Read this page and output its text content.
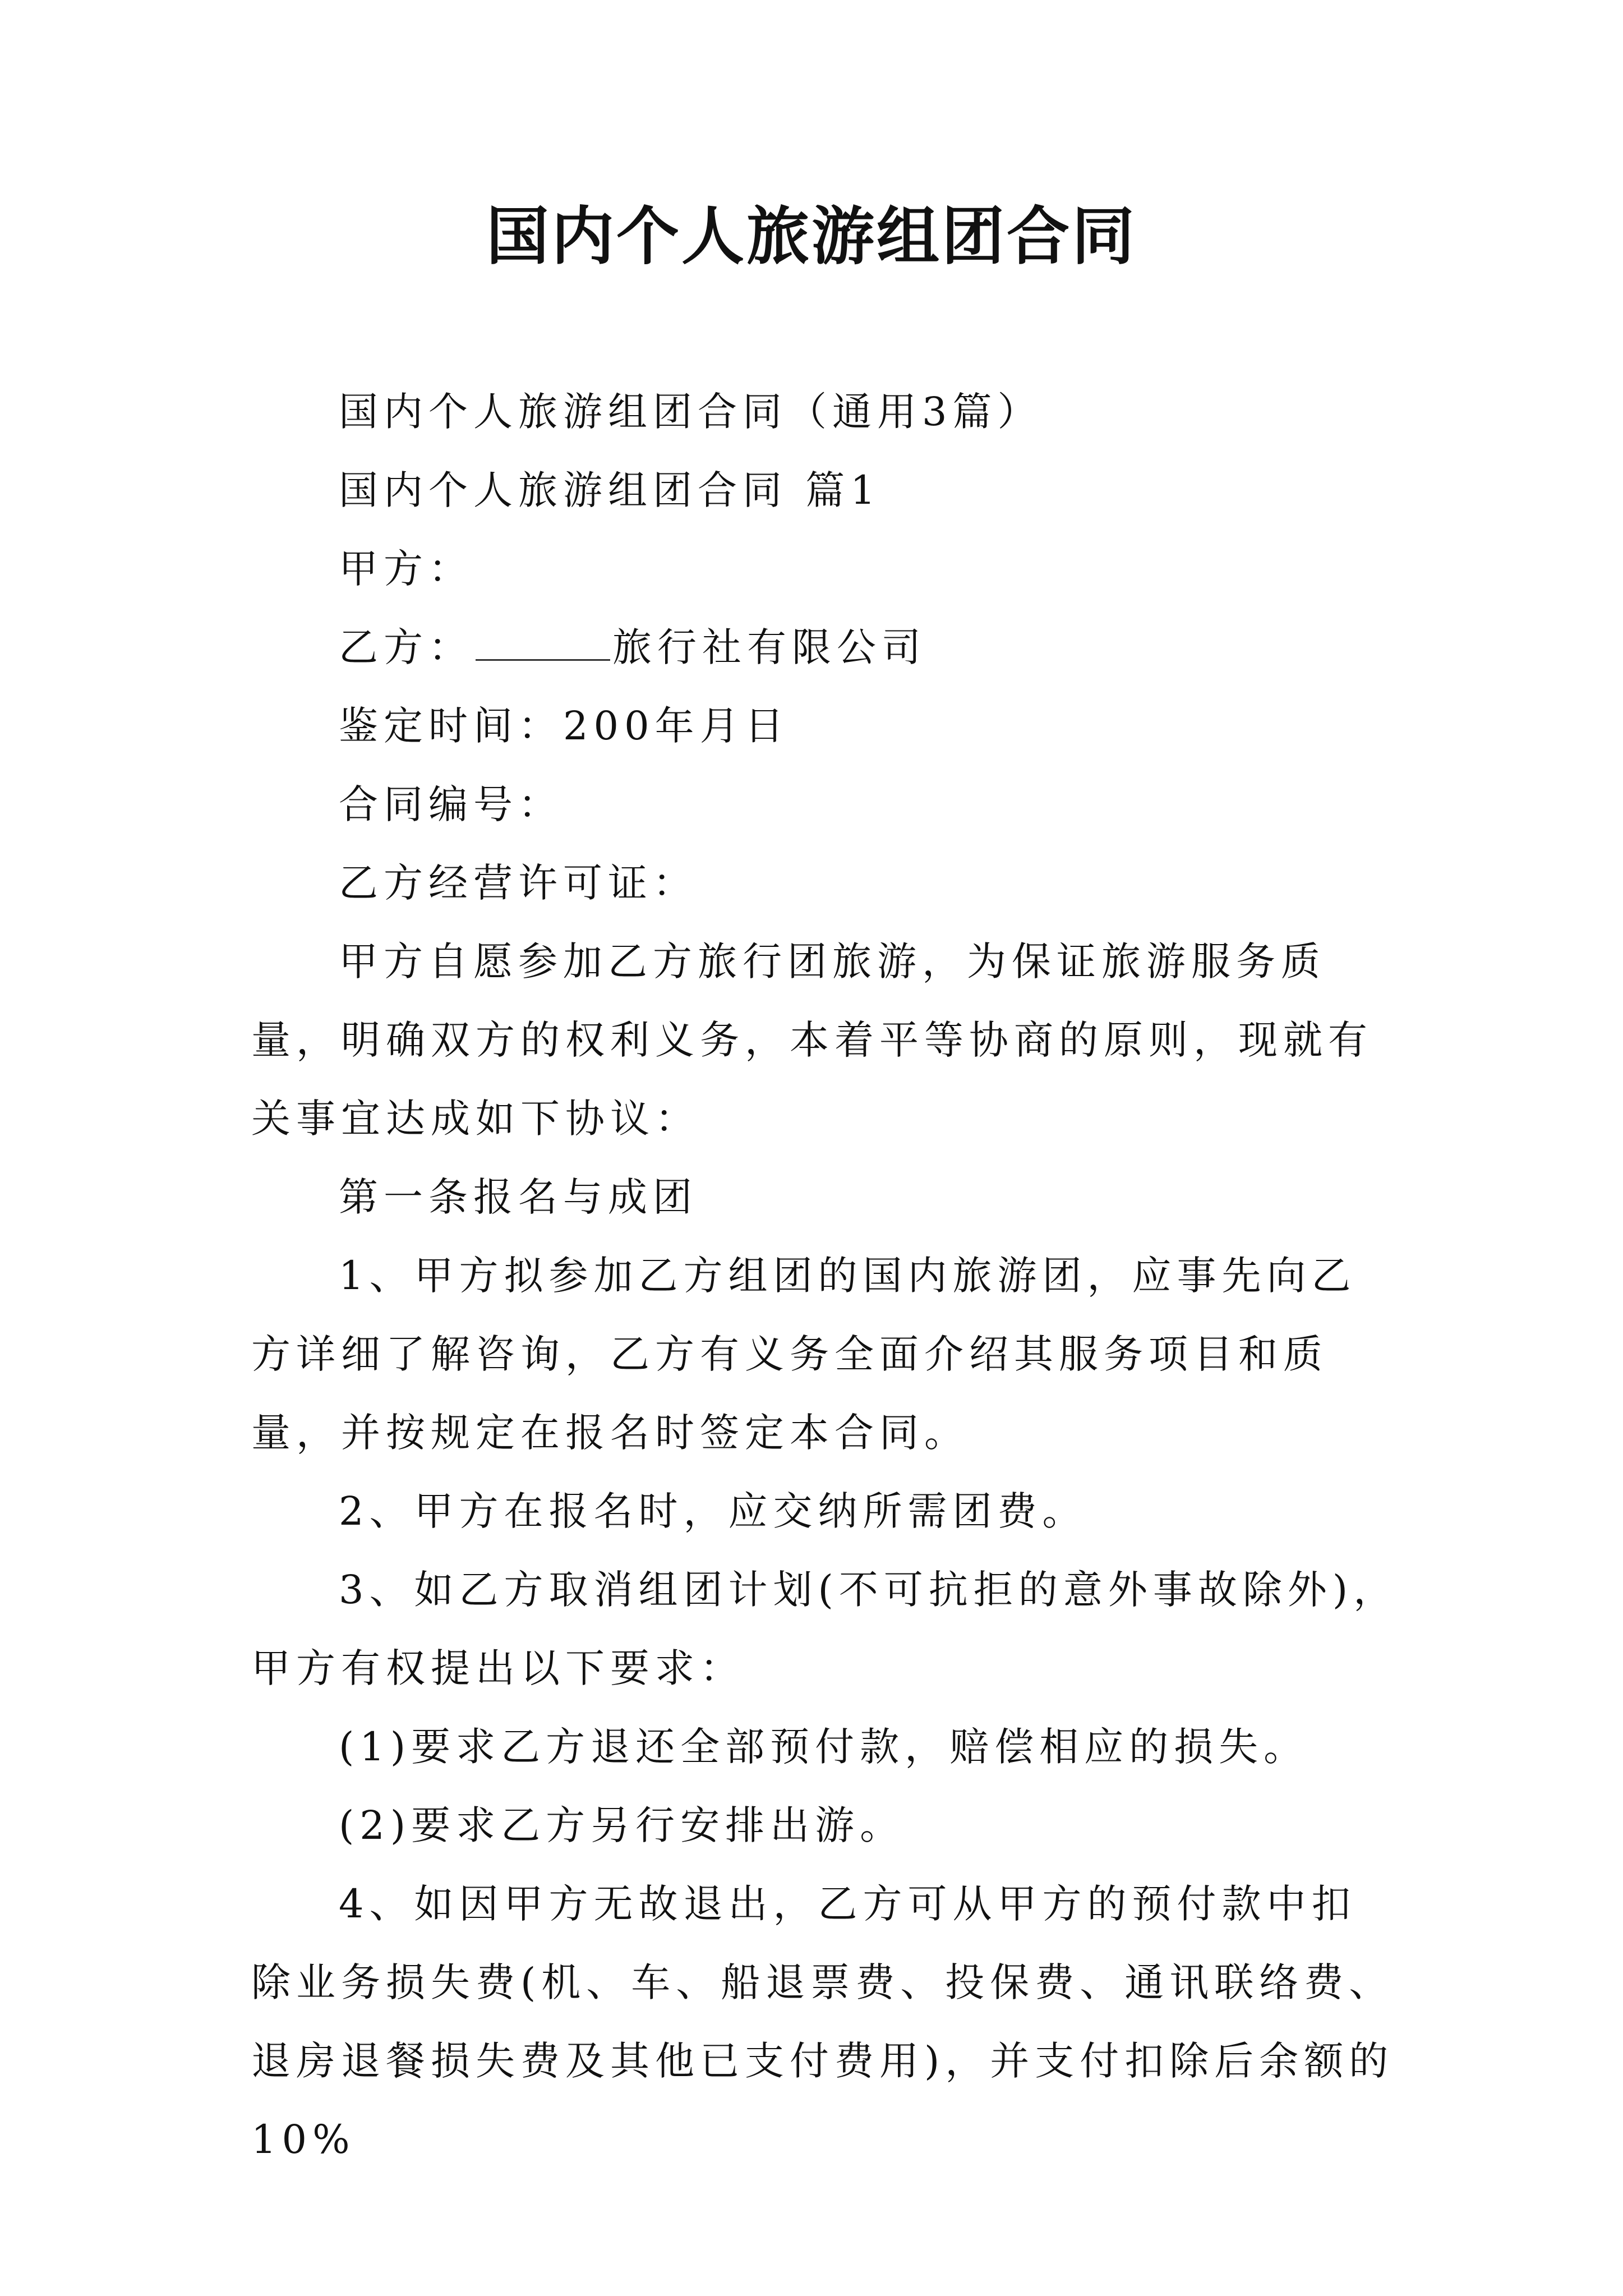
国内个人旅游组团合同

国内个人旅游组团合同（通用3篇）

国内个人旅游组团合同 篇1

甲方：

乙方：	旅行社有限公司

鉴定时间：200年月日

合同编号：

乙方经营许可证：

甲方自愿参加乙方旅行团旅游，为保证旅游服务质量，明确双方的权利义务，本着平等协商的原则，现就有关事宜达成如下协议：

第一条报名与成团

1、甲方拟参加乙方组团的国内旅游团，应事先向乙方详细了解咨询，乙方有义务全面介绍其服务项目和质量，并按规定在报名时签定本合同。

2、甲方在报名时，应交纳所需团费。

3、如乙方取消组团计划(不可抗拒的意外事故除外)，甲方有权提出以下要求：

(1)要求乙方退还全部预付款，赔偿相应的损失。

(2)要求乙方另行安排出游。

4、如因甲方无故退出，乙方可从甲方的预付款中扣除业务损失费(机、车、船退票费、投保费、通讯联络费、退房退餐损失费及其他已支付费用)，并支付扣除后余额的10%
